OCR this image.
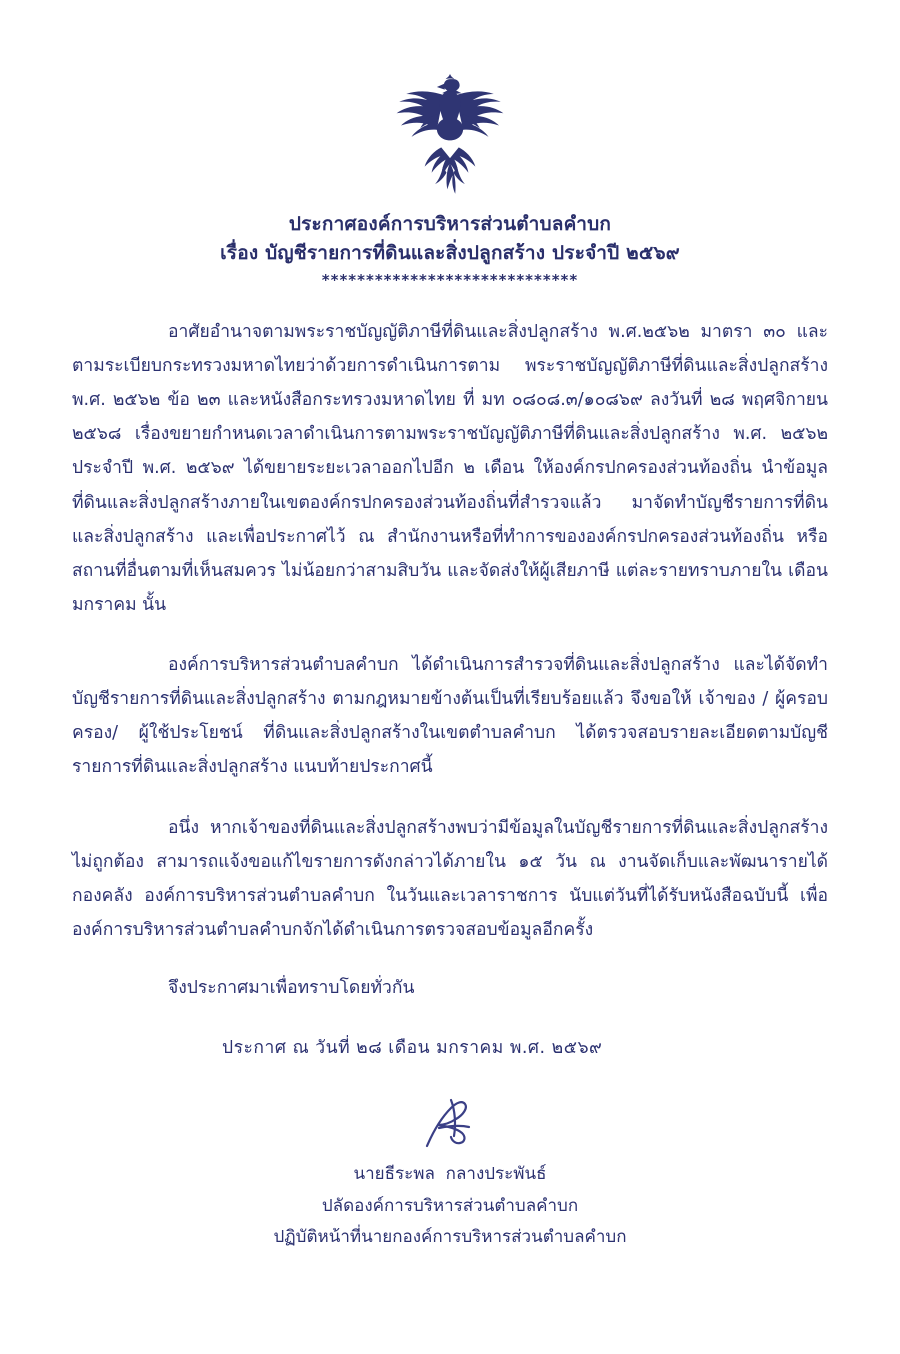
ประกาศองค์การบริหารส่วนตำบลคำบก
เรื่อง บัญชีรายการที่ดินและสิ่งปลูกสร้าง ประจำปี ๒๕๖๙
*****************************

อาศัยอำนาจตามพระราชบัญญัติภาษีที่ดินและสิ่งปลูกสร้าง พ.ศ.๒๕๖๒ มาตรา ๓๐ และตามระเบียบกระทรวงมหาดไทยว่าด้วยการดำเนินการตาม พระราชบัญญัติภาษีที่ดินและสิ่งปลูกสร้าง พ.ศ. ๒๕๖๒ ข้อ ๒๓ และหนังสือกระทรวงมหาดไทย ที่ มท ๐๘๐๘.๓/๑๐๘๖๙ ลงวันที่ ๒๘ พฤศจิกายน ๒๕๖๘ เรื่องขยายกำหนดเวลาดำเนินการตามพระราชบัญญัติภาษีที่ดินและสิ่งปลูกสร้าง พ.ศ. ๒๕๖๒ ประจำปี พ.ศ. ๒๕๖๙ ได้ขยายระยะเวลาออกไปอีก ๒ เดือน ให้องค์กรปกครองส่วนท้องถิ่น นำข้อมูลที่ดินและสิ่งปลูกสร้างภายในเขตองค์กรปกครองส่วนท้องถิ่นที่สำรวจแล้ว มาจัดทำบัญชีรายการที่ดินและสิ่งปลูกสร้าง และเพื่อประกาศไว้ ณ สำนักงานหรือที่ทำการขององค์กรปกครองส่วนท้องถิ่น หรือสถานที่อื่นตามที่เห็นสมควร ไม่น้อยกว่าสามสิบวัน และจัดส่งให้ผู้เสียภาษี แต่ละรายทราบภายใน เดือนมกราคม นั้น

องค์การบริหารส่วนตำบลคำบก ได้ดำเนินการสำรวจที่ดินและสิ่งปลูกสร้าง และได้จัดทำบัญชีรายการที่ดินและสิ่งปลูกสร้าง ตามกฎหมายข้างต้นเป็นที่เรียบร้อยแล้ว จึงขอให้ เจ้าของ / ผู้ครอบครอง/ ผู้ใช้ประโยชน์ ที่ดินและสิ่งปลูกสร้างในเขตตำบลคำบก ได้ตรวจสอบรายละเอียดตามบัญชีรายการที่ดินและสิ่งปลูกสร้าง แนบท้ายประกาศนี้

อนึ่ง หากเจ้าของที่ดินและสิ่งปลูกสร้างพบว่ามีข้อมูลในบัญชีรายการที่ดินและสิ่งปลูกสร้างไม่ถูกต้อง สามารถแจ้งขอแก้ไขรายการดังกล่าวได้ภายใน ๑๕ วัน ณ งานจัดเก็บและพัฒนารายได้ กองคลัง องค์การบริหารส่วนตำบลคำบก ในวันและเวลาราชการ นับแต่วันที่ได้รับหนังสือฉบับนี้ เพื่อองค์การบริหารส่วนตำบลคำบกจักได้ดำเนินการตรวจสอบข้อมูลอีกครั้ง

จึงประกาศมาเพื่อทราบโดยทั่วกัน
ประกาศ ณ วันที่ ๒๘ เดือน มกราคม พ.ศ. ๒๕๖๙
นายธีระพล  กลางประพันธ์
ปลัดองค์การบริหารส่วนตำบลคำบก
ปฏิบัติหน้าที่นายกองค์การบริหารส่วนตำบลคำบก
